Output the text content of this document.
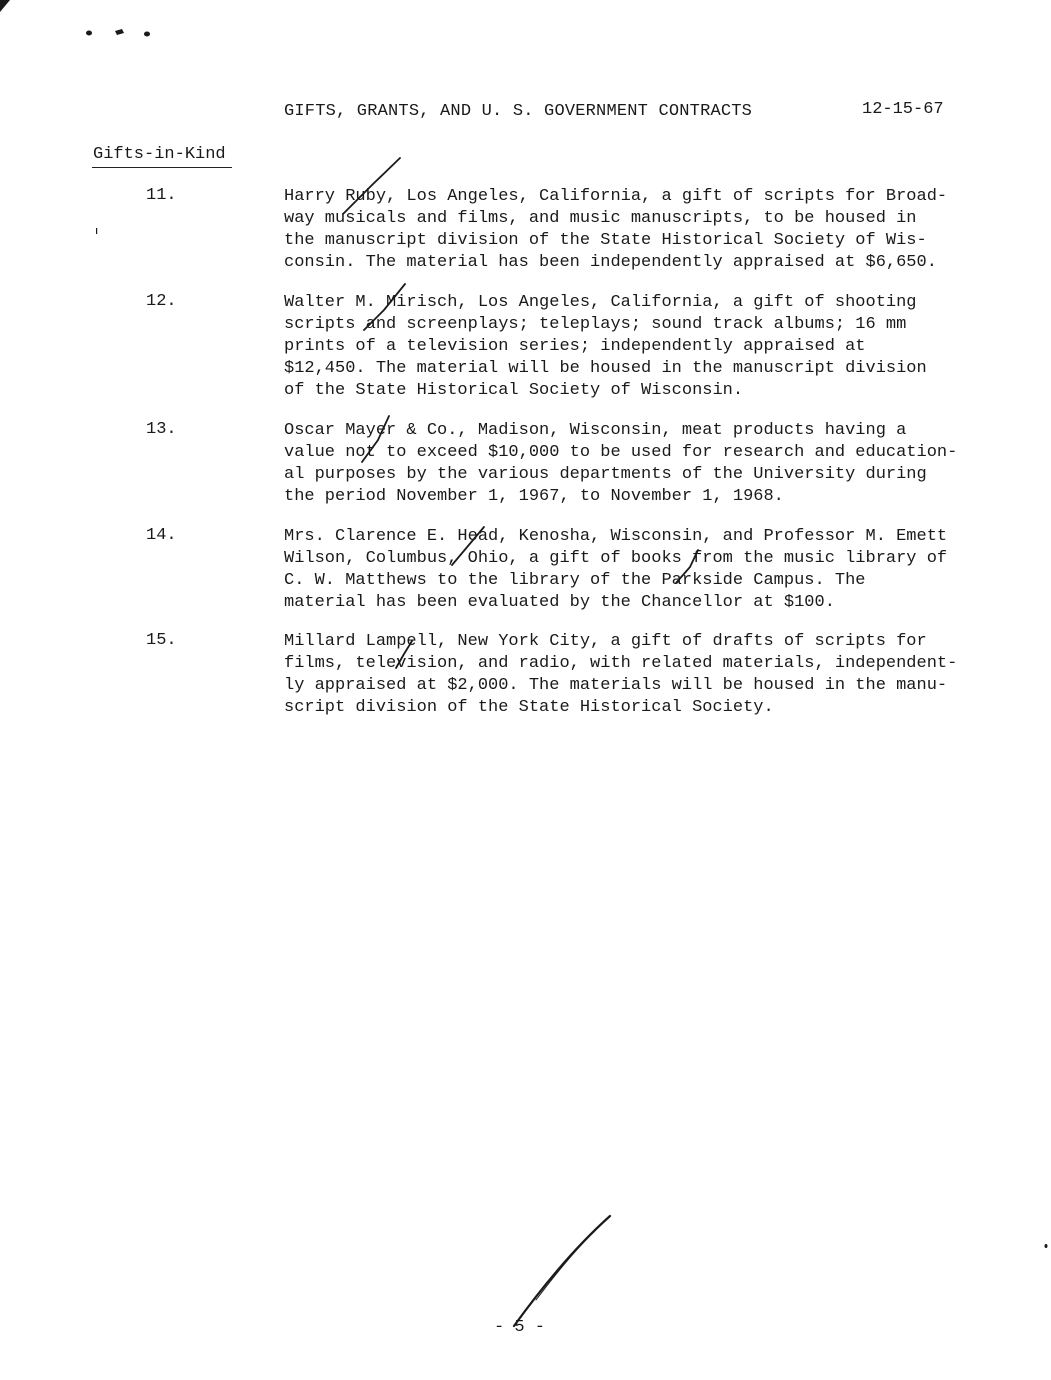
GIFTS, GRANTS, AND U. S. GOVERNMENT CONTRACTS	12-15-67
Gifts-in-Kind
11.	Harry Ruby, Los Angeles, California, a gift of scripts for Broad-
way musicals and films, and music manuscripts, to be housed in
the manuscript division of the State Historical Society of Wis-
consin. The material has been independently appraised at $6,650.
12.	Walter M. Mirisch, Los Angeles, California, a gift of shooting
scripts and screenplays; teleplays; sound track albums; 16 mm
prints of a television series; independently appraised at
$12,450. The material will be housed in the manuscript division
of the State Historical Society of Wisconsin.
13.	Oscar Mayer & Co., Madison, Wisconsin, meat products having a
value not to exceed $10,000 to be used for research and education-
al purposes by the various departments of the University during
the period November 1, 1967, to November 1, 1968.
14.	Mrs. Clarence E. Head, Kenosha, Wisconsin, and Professor M. Emett
Wilson, Columbus, Ohio, a gift of books from the music library of
C. W. Matthews to the library of the Parkside Campus. The
material has been evaluated by the Chancellor at $100.
15.	Millard Lampell, New York City, a gift of drafts of scripts for
films, television, and radio, with related materials, independent-
ly appraised at $2,000. The materials will be housed in the manu-
script division of the State Historical Society.
- 5 -
